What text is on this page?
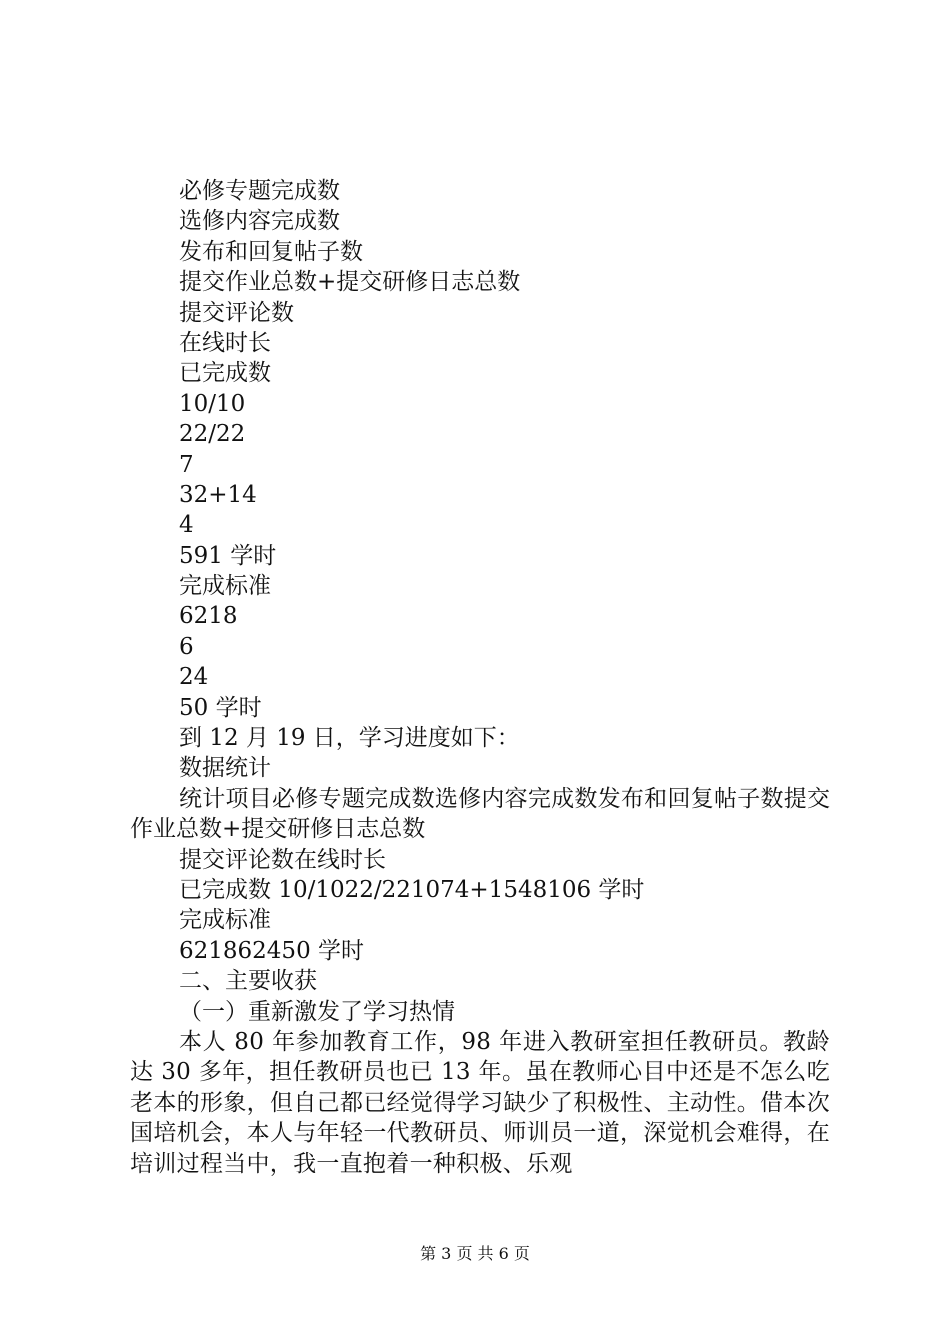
必修专题完成数
选修内容完成数
发布和回复帖子数
提交作业总数+提交研修日志总数
提交评论数
在线时长
已完成数
10/10
22/22
7
32+14
4
591 学时
完成标准
6218
6
24
50 学时
到 12 月 19 日，学习进度如下：
数据统计
统计项目必修专题完成数选修内容完成数发布和回复帖子数提交作业总数+提交研修日志总数
提交评论数在线时长
已完成数 10/1022/221074+1548106 学时
完成标准
621862450 学时
二、主要收获
（一）重新激发了学习热情
本人 80 年参加教育工作，98 年进入教研室担任教研员。教龄达 30 多年，担任教研员也已 13 年。虽在教师心目中还是不怎么吃老本的形象，但自己都已经觉得学习缺少了积极性、主动性。借本次国培机会，本人与年轻一代教研员、师训员一道，深觉机会难得，在培训过程当中，我一直抱着一种积极、乐观
第 3 页 共 6 页
